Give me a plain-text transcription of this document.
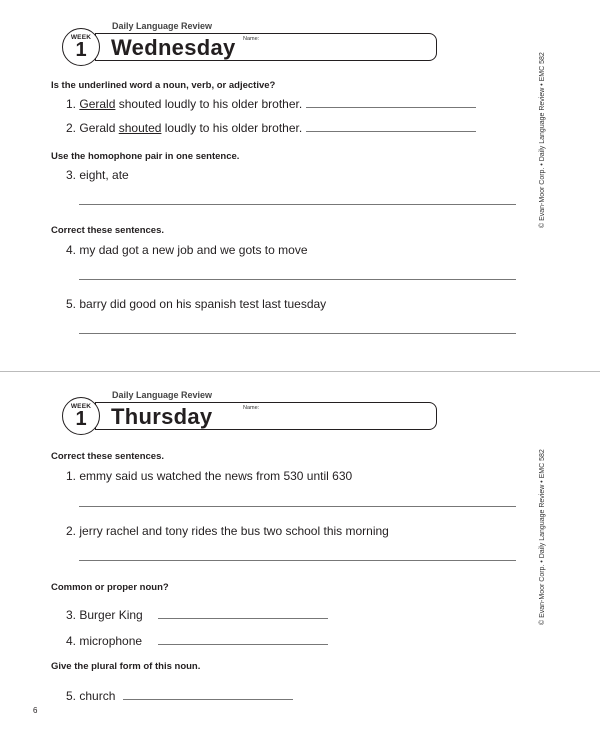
Daily Language Review
WEEK
1	Wednesday Name:
© Evan-Moor Corp. • Daily Language Review • EMC 582
Is the underlined word a noun, verb, or adjective?
1. Gerald shouted loudly to his older brother.
2. Gerald shouted loudly to his older brother.
Use the homophone pair in one sentence.
3. eight, ate
Correct these sentences.
4. my dad got a new job and we gots to move
5. barry did good on his spanish test last tuesday
Daily Language Review
WEEK
1	Thursday	Name:
© Evan-Moor Corp. • Daily Language Review • EMC 582
Correct these sentences.
1. emmy said us watched the news from 530 until 630
2. jerry rachel and tony rides the bus two school this morning
Common or proper noun?
3. Burger King
4. microphone
Give the plural form of this noun.
5. church
6
